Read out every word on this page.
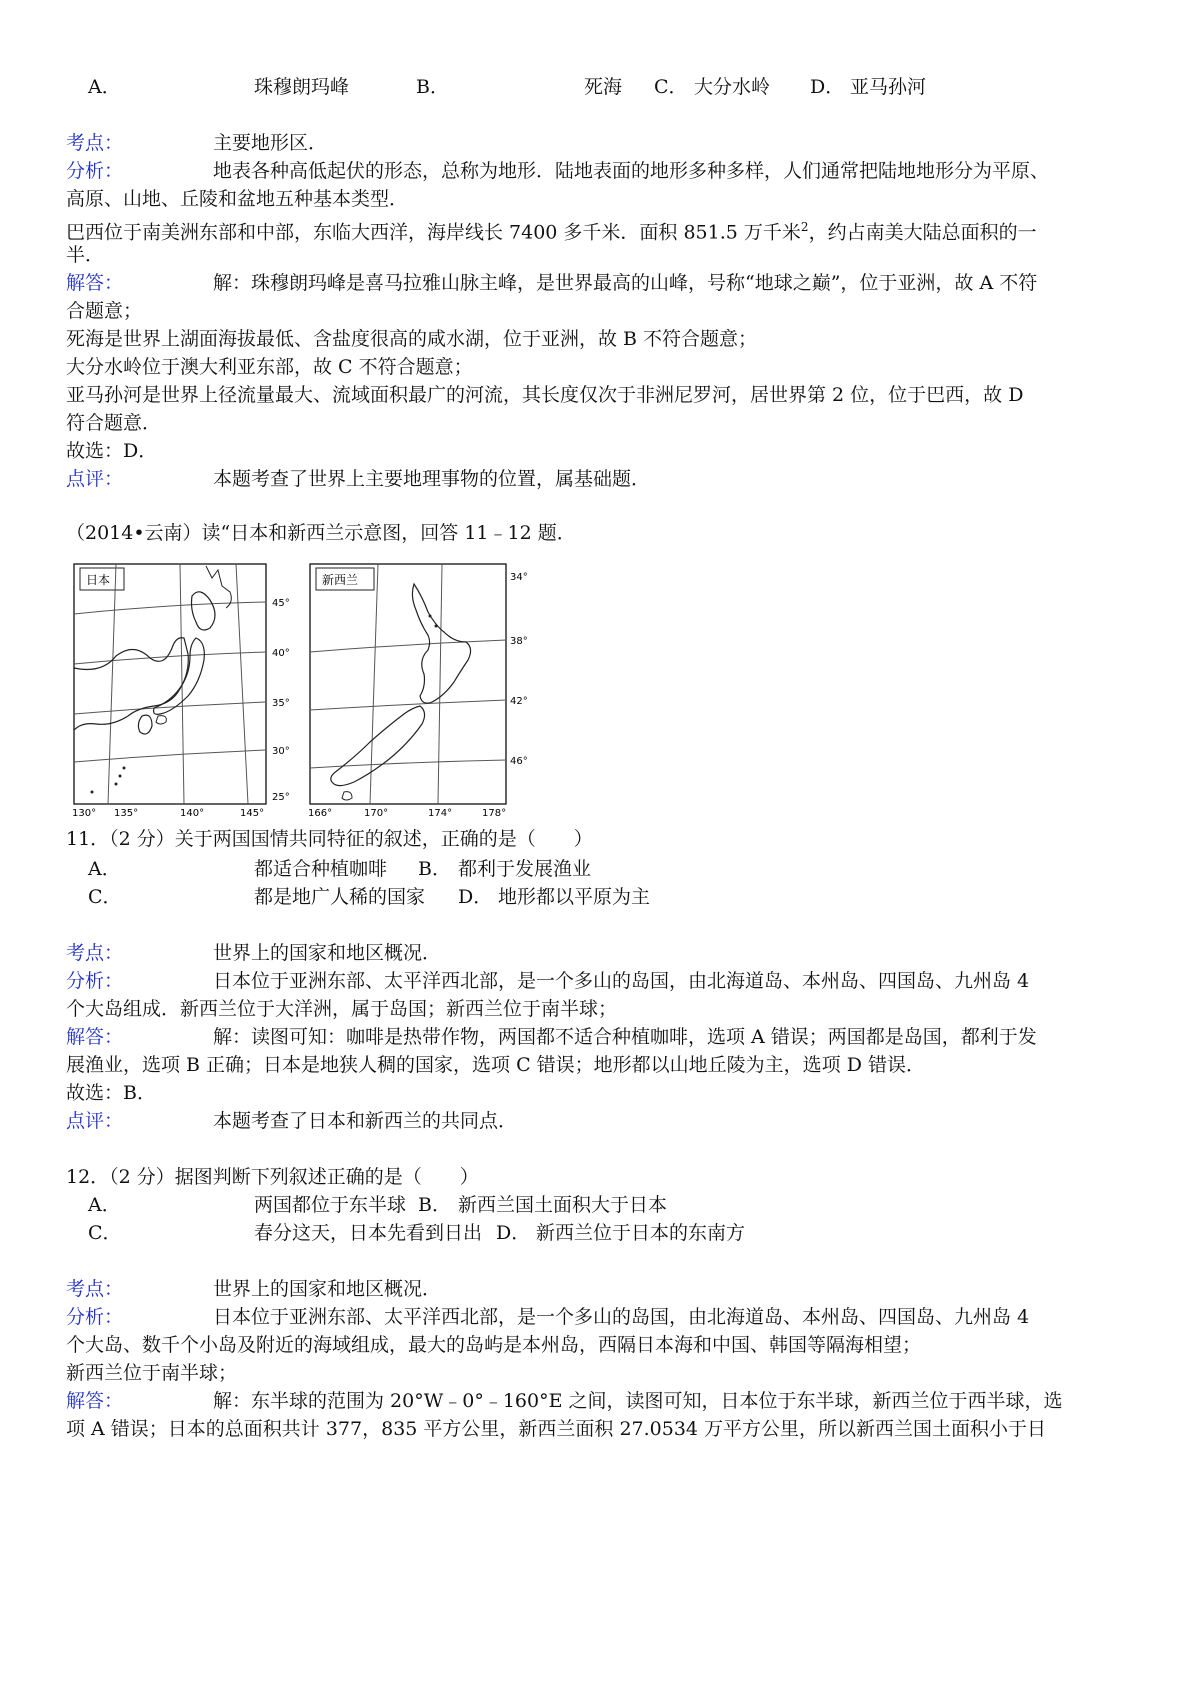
A．	珠穆朗玛峰	B．	死海 C． 大分水岭 D． 亚马孙河
考点：	主要地形区．
分析：	地表各种高低起伏的形态，总称为地形．陆地表面的地形多种多样，人们通常把陆地地形分为平原、
高原、山地、丘陵和盆地五种基本类型．
巴西位于南美洲东部和中部，东临大西洋，海岸线长 7400 多千米．面积 851.5 万千米$^2$，约占南美大陆总面积的一
半．
解答：	解：珠穆朗玛峰是喜马拉雅山脉主峰，是世界最高的山峰，号称“地球之巅”，位于亚洲，故 A 不符
合题意；
死海是世界上湖面海拔最低、含盐度很高的咸水湖，位于亚洲，故 B 不符合题意；
大分水岭位于澳大利亚东部，故 C 不符合题意；
亚马孙河是世界上径流量最大、流域面积最广的河流，其长度仅次于非洲尼罗河，居世界第 2 位，位于巴西，故 D
符合题意．
故选：D．
点评：	本题考查了世界上主要地理事物的位置，属基础题．
（2014•云南）读“日本和新西兰示意图，回答 11﹣12 题．
日本
45°
40°
35°
30°
25°
130° 135°	140°	145°
新西兰	34°
38°
42°
46°
166°	170°	174°	178°
11．（2 分）关于两国国情共同特征的叙述，正确的是（　　）
A．	都适合种植咖啡 B． 都利于发展渔业
C．	都是地广人稀的国家 D． 地形都以平原为主
考点：	世界上的国家和地区概况．
分析：	日本位于亚洲东部、太平洋西北部，是一个多山的岛国，由北海道岛、本州岛、四国岛、九州岛 4
个大岛组成．新西兰位于大洋洲，属于岛国；新西兰位于南半球；
解答：	解：读图可知：咖啡是热带作物，两国都不适合种植咖啡，选项 A 错误；两国都是岛国，都利于发
展渔业，选项 B 正确；日本是地狭人稠的国家，选项 C 错误；地形都以山地丘陵为主，选项 D 错误．
故选：B．
点评：	本题考查了日本和新西兰的共同点．
12．（2 分）据图判断下列叙述正确的是（　　）
A．	两国都位于东半球 B． 新西兰国土面积大于日本
C．	春分这天，日本先看到日出 D． 新西兰位于日本的东南方
考点：	世界上的国家和地区概况．
分析：	日本位于亚洲东部、太平洋西北部，是一个多山的岛国，由北海道岛、本州岛、四国岛、九州岛 4
个大岛、数千个小岛及附近的海域组成，最大的岛屿是本州岛，西隔日本海和中国、韩国等隔海相望；
新西兰位于南半球；
解答：	解：东半球的范围为 20°W﹣0°﹣160°E 之间，读图可知，日本位于东半球，新西兰位于西半球，选
项 A 错误；日本的总面积共计 377，835 平方公里，新西兰面积 27.0534 万平方公里，所以新西兰国土面积小于日
